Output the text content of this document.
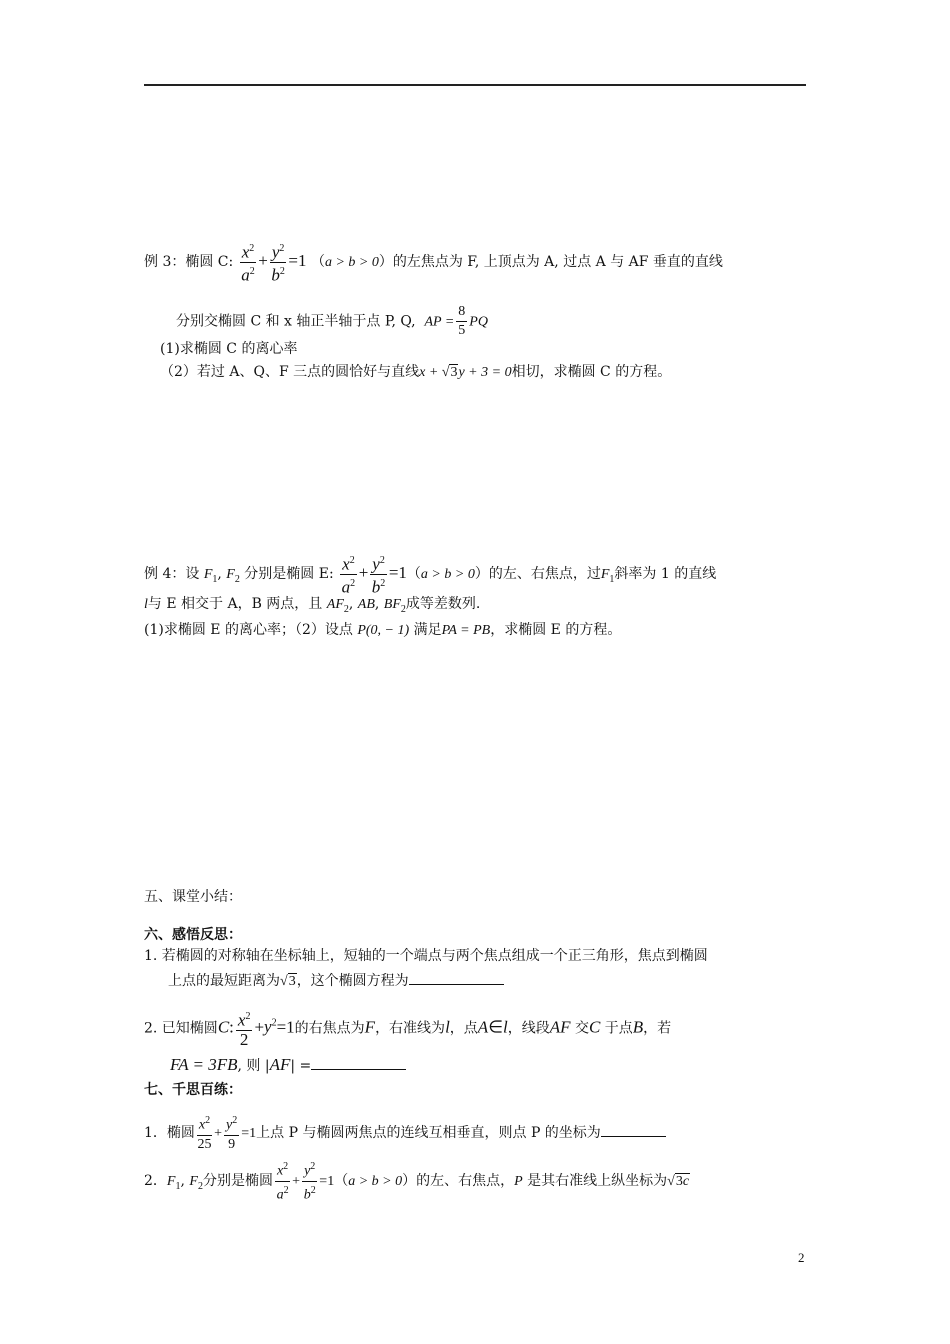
例 3：椭圆 C: $\frac{x^2}{a^2} + \frac{y^2}{b^2} =1$ （a > b > 0）的左焦点为 F, 上顶点为 A, 过点 A 与 AF 垂直的直线
分别交椭圆 C 和 x 轴正半轴于点 P, Q, AP = $\frac{8}{5}$ PQ
(1)求椭圆 C 的离心率
（2）若过 A、Q、F 三点的圆恰好与直线x + √3y + 3 = 0相切，求椭圆 C 的方程。
例 4：设 $F_1$, $F_2$ 分别是椭圆 E: $\frac{x^2}{a^2} + \frac{y^2}{b^2} =1(a > b > 0)$的左、右焦点，过$F_1$斜率为 1 的直线
l与 E 相交于 A，B 两点，且 $AF_2$, AB, $BF_2$成等差数列.
(1)求椭圆 E 的离心率；（2）设点 P(0, − 1) 满足PA = PB，求椭圆 E 的方程。
五、课堂小结：
六、感悟反思：
1. 若椭圆的对称轴在坐标轴上，短轴的一个端点与两个焦点组成一个正三角形，焦点到椭圆
上点的最短距离为√3，这个椭圆方程为
2. 已知椭圆C: $\frac{x^2}{2} +y^2=1$的右焦点为F，右准线为l，点A∈l，线段AF 交C 于点B，若
FA = 3FB, 则 |AF| =
七、千思百练：
1．椭圆 $\frac{x^2}{25} + \frac{y^2}{9} =1$上点 P 与椭圆两焦点的连线互相垂直，则点 P 的坐标为
2．$F_1$, $F_2$分别是椭圆 $\frac{x^2}{a^2} + \frac{y^2}{b^2} =1(a > b > 0)$的左、右焦点，P 是其右准线上纵坐标为√3c
2
